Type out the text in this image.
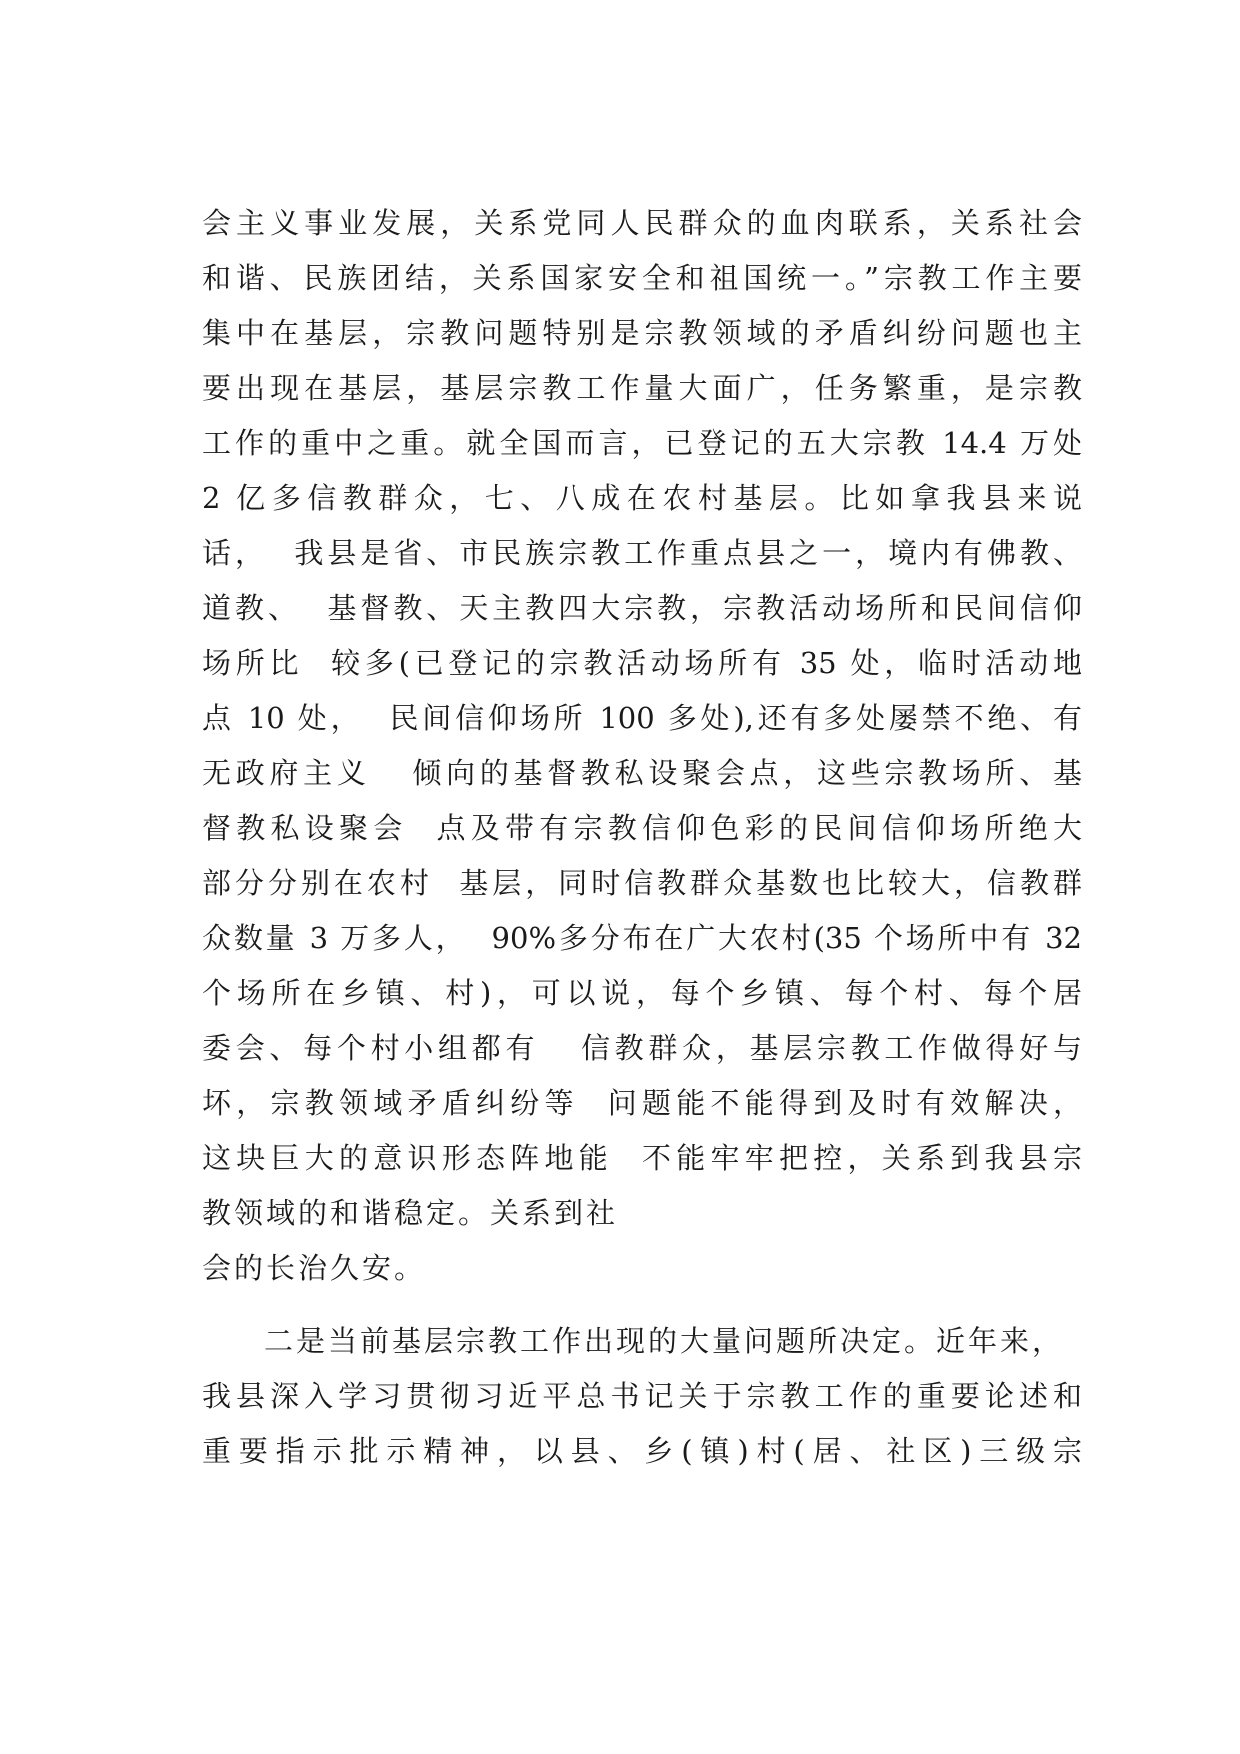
会主义事业发展，关系党同人民群众的血肉联系，关系社会
和谐、民族团结，关系国家安全和祖国统一。”宗教工作主要
集中在基层，宗教问题特别是宗教领域的矛盾纠纷问题也主
要出现在基层，基层宗教工作量大面广，任务繁重，是宗教
工作的重中之重。就全国而言，已登记的五大宗教 14.4 万处
2 亿多信教群众，七、八成在农村基层。比如拿我县来说
话，  我县是省、市民族宗教工作重点县之一，境内有佛教、
道教、  基督教、天主教四大宗教，宗教活动场所和民间信仰
场所比  较多(已登记的宗教活动场所有 35 处，临时活动地
点 10 处，  民间信仰场所 100 多处),还有多处屡禁不绝、有
无政府主义   倾向的基督教私设聚会点，这些宗教场所、基
督教私设聚会  点及带有宗教信仰色彩的民间信仰场所绝大
部分分别在农村  基层，同时信教群众基数也比较大，信教群
众数量 3 万多人，  90%多分布在广大农村(35 个场所中有 32
个场所在乡镇、村)，可以说，每个乡镇、每个村、每个居
委会、每个村小组都有   信教群众，基层宗教工作做得好与
坏，宗教领域矛盾纠纷等  问题能不能得到及时有效解决，
这块巨大的意识形态阵地能  不能牢牢把控，关系到我县宗
教领域的和谐稳定。关系到社
会的长治久安。
二是当前基层宗教工作出现的大量问题所决定。近年来，
我县深入学习贯彻习近平总书记关于宗教工作的重要论述和
重要指示批示精神，以县、乡(镇)村(居、社区)三级宗
